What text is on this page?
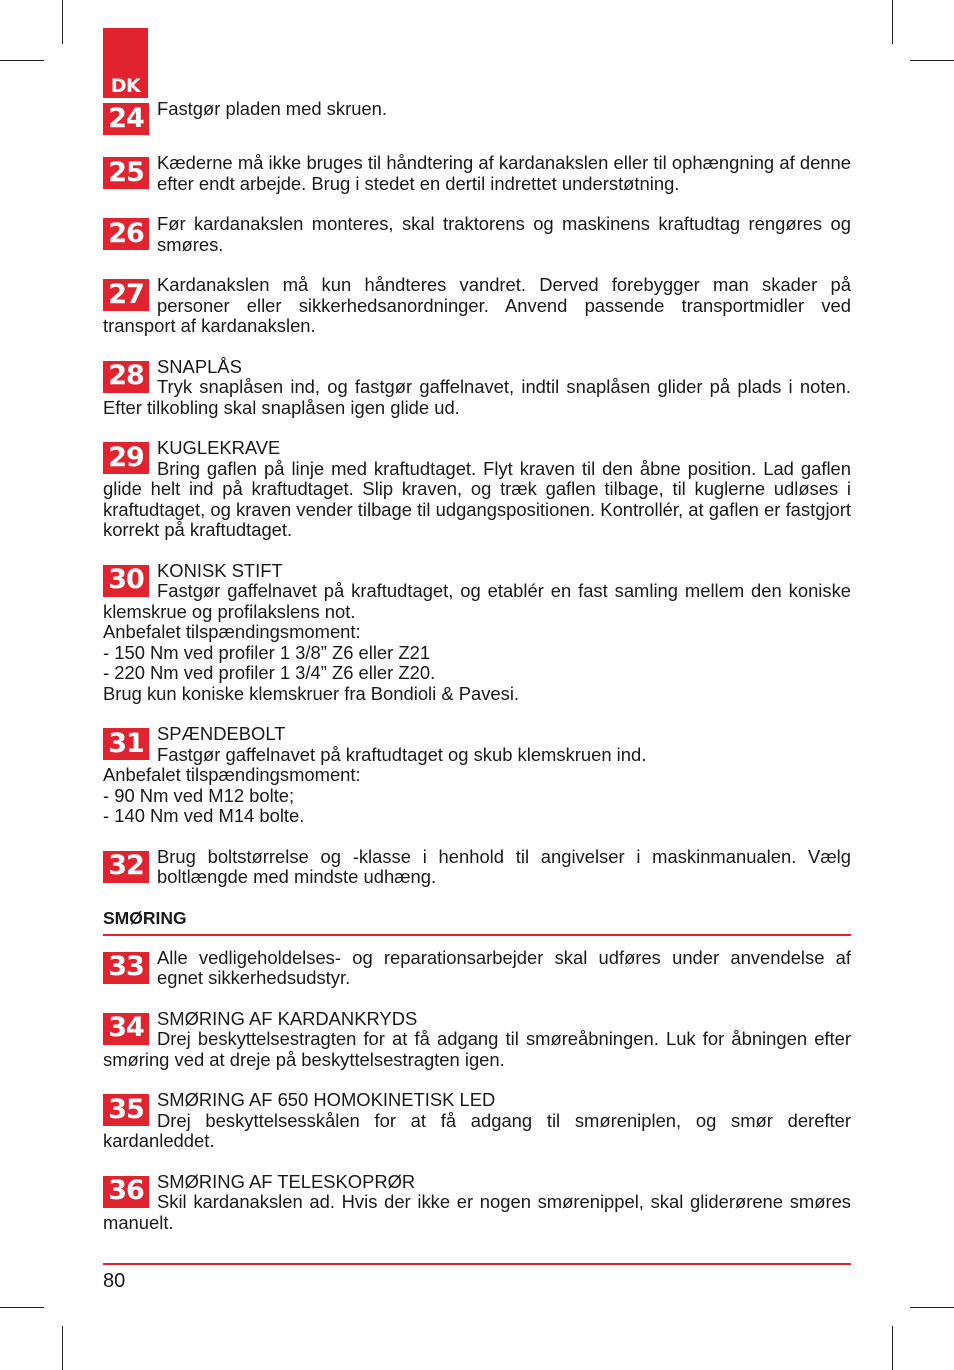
DK
24 Fastgør pladen med skruen.
25 Kæderne må ikke bruges til håndtering af kardanakslen eller til ophængning af denne efter endt arbejde. Brug i stedet en dertil indrettet understøtning.
26 Før kardanakslen monteres, skal traktorens og maskinens kraftudtag rengøres og smøres.
27 Kardanakslen må kun håndteres vandret. Derved forebygger man skader på personer eller sikkerhedsanordninger. Anvend passende transportmidler ved transport af kardanakslen.
28 SNAPLÅS
Tryk snaplåsen ind, og fastgør gaffelnavet, indtil snaplåsen glider på plads i noten. Efter tilkobling skal snaplåsen igen glide ud.
29 KUGLEKRAVE
Bring gaflen på linje med kraftudtaget. Flyt kraven til den åbne position. Lad gaflen glide helt ind på kraftudtaget. Slip kraven, og træk gaflen tilbage, til kuglerne udløses i kraftudtaget, og kraven vender tilbage til udgangspositionen. Kontrollér, at gaflen er fastgjort korrekt på kraftudtaget.
30 KONISK STIFT
Fastgør gaffelnavet på kraftudtaget, og etablér en fast samling mellem den koniske klemskrue og profilakslens not.
Anbefalet tilspændingsmoment:
- 150 Nm ved profiler 1 3/8” Z6 eller Z21
- 220 Nm ved profiler 1 3/4” Z6 eller Z20.
Brug kun koniske klemskruer fra Bondioli & Pavesi.
31 SPÆNDEBOLT
Fastgør gaffelnavet på kraftudtaget og skub klemskruen ind.
Anbefalet tilspændingsmoment:
- 90 Nm ved M12 bolte;
- 140 Nm ved M14 bolte.
32 Brug boltstørrelse og -klasse i henhold til angivelser i maskinmanualen. Vælg boltlængde med mindste udhæng.
SMØRING
33 Alle vedligeholdelses- og reparationsarbejder skal udføres under anvendelse af egnet sikkerhedsudstyr.
34 SMØRING AF KARDANKRYDS
Drej beskyttelsestragten for at få adgang til smøreåbningen. Luk for åbningen efter smøring ved at dreje på beskyttelsestragten igen.
35 SMØRING AF 650 HOMOKINETISK LED
Drej beskyttelsesskålen for at få adgang til smøreniplen, og smør derefter kardanleddet.
36 SMØRING AF TELESKOPRØR
Skil kardanakslen ad. Hvis der ikke er nogen smørenippel, skal gliderørene smøres manuelt.
80
